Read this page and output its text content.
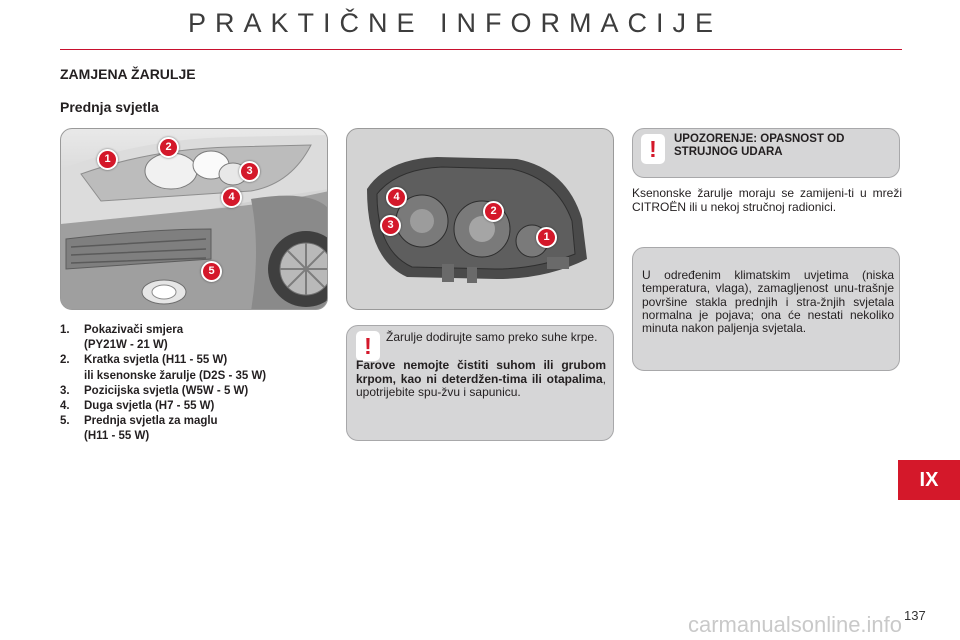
PRAKTIČNE INFORMACIJE
ZAMJENA ŽARULJE
Prednja svjetla
1
2
3
4
5
4
3
2
1
1.	Pokazivači smjera
(PY21W - 21 W)
2.	Kratka svjetla (H11 - 55 W)
ili ksenonske žarulje (D2S - 35 W)
3.	Pozicijska svjetla (W5W - 5 W)
4.	Duga svjetla (H7 - 55 W)
5.	Prednja svjetla za maglu
(H11 - 55 W)
!	Žarulje dodirujte samo preko suhe krpe.
Farove nemojte čistiti suhom ili grubom krpom, kao ni deterdžen-tima ili otapalima, upotrijebite spu-žvu i sapunicu.
!	UPOZORENJE: OPASNOST OD STRUJNOG UDARA
Ksenonske žarulje moraju se zamijeni-ti u mreži CITROËN ili u nekoj stručnoj radionici.
U određenim klimatskim uvjetima (niska temperatura, vlaga), zamagljenost unu-trašnje površine stakla prednjih i stra-žnjih svjetala normalna je pojava; ona će nestati nekoliko minuta nakon paljenja svjetala.
IX
137
carmanualsonline.info
